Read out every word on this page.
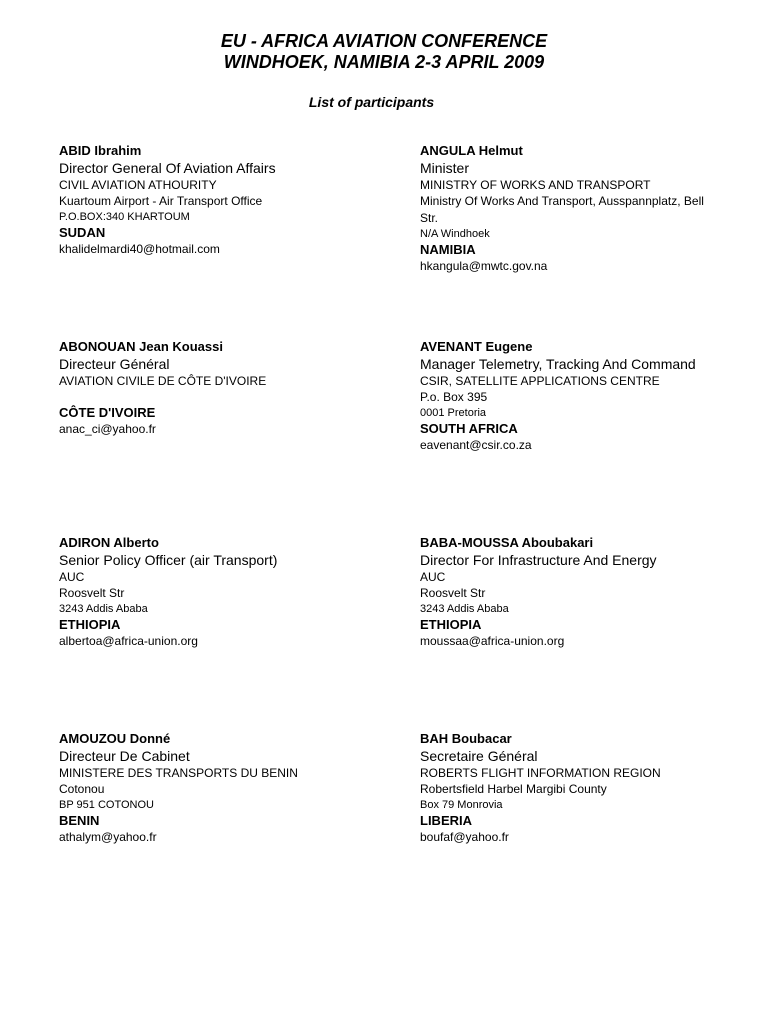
EU - AFRICA AVIATION CONFERENCE
WINDHOEK, NAMIBIA 2-3 APRIL 2009
List of participants
ABID Ibrahim
Director General Of Aviation Affairs
CIVIL AVIATION ATHOURITY
Kuartoum Airport - Air Transport Office
P.O.BOX:340 KHARTOUM
SUDAN
khalidelmardi40@hotmail.com
ANGULA Helmut
Minister
MINISTRY OF WORKS AND TRANSPORT
Ministry Of Works And Transport, Ausspannplatz, Bell Str.
N/A Windhoek
NAMIBIA
hkangula@mwtc.gov.na
ABONOUAN Jean Kouassi
Directeur Général
AVIATION CIVILE DE CÔTE D'IVOIRE
CÔTE D'IVOIRE
anac_ci@yahoo.fr
AVENANT Eugene
Manager Telemetry, Tracking And Command
CSIR, SATELLITE APPLICATIONS CENTRE
P.o. Box 395
0001 Pretoria
SOUTH AFRICA
eavenant@csir.co.za
ADIRON Alberto
Senior Policy Officer (air Transport)
AUC
Roosvelt Str
3243 Addis Ababa
ETHIOPIA
albertoa@africa-union.org
BABA-MOUSSA Aboubakari
Director For Infrastructure And Energy
AUC
Roosvelt Str
3243 Addis Ababa
ETHIOPIA
moussaa@africa-union.org
AMOUZOU Donné
Directeur De Cabinet
MINISTERE DES TRANSPORTS DU BENIN
Cotonou
BP 951 COTONOU
BENIN
athalym@yahoo.fr
BAH Boubacar
Secretaire Général
ROBERTS FLIGHT INFORMATION REGION
Robertsfield Harbel Margibi County
Box 79 Monrovia
LIBERIA
boufaf@yahoo.fr
